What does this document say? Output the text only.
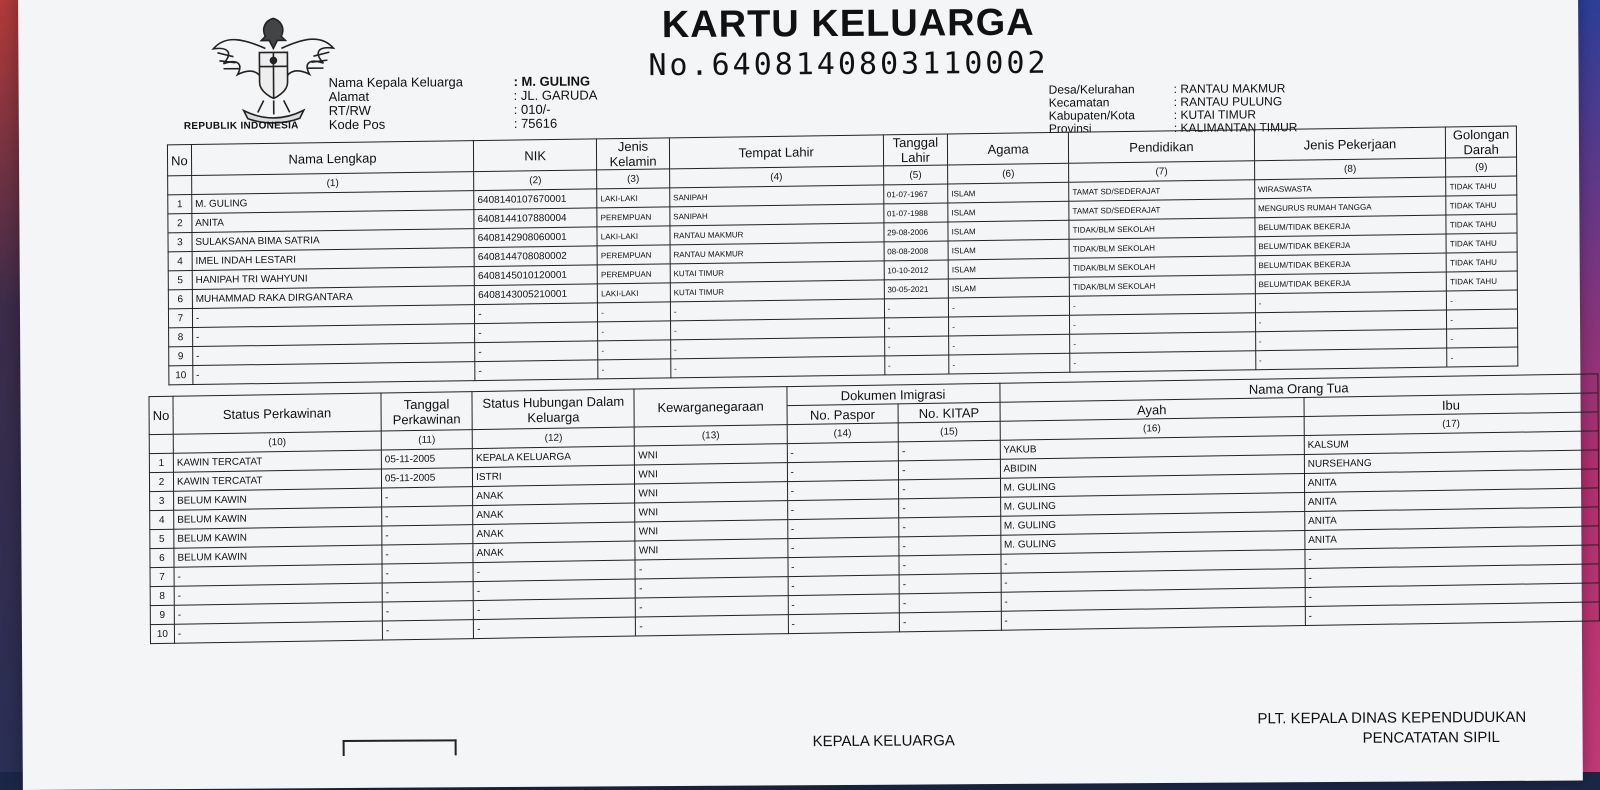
REPUBLIK INDONESIA
KARTU KELUARGA
No.6408140803110002
Nama Kepala Keluarga	: M. GULING
Alamat	: JL. GARUDA
RT/RW	: 010/-
Kode Pos	: 75616
Desa/Kelurahan	: RANTAU MAKMUR
Kecamatan	: RANTAU PULUNG
Kabupaten/Kota	: KUTAI TIMUR
Provinsi	: KALIMANTAN TIMUR
No	Nama Lengkap	NIK	Jenis Kelamin	Tempat Lahir	Tanggal Lahir	Agama	Pendidikan	Jenis Pekerjaan	Golongan Darah
	(1)	(2)	(3)	(4)	(5)	(6)	(7)	(8)	(9)
1	M. GULING	6408140107670001	LAKI-LAKI	SANIPAH	01-07-1967	ISLAM	TAMAT SD/SEDERAJAT	WIRASWASTA	TIDAK TAHU
2	ANITA	6408144107880004	PEREMPUAN	SANIPAH	01-07-1988	ISLAM	TAMAT SD/SEDERAJAT	MENGURUS RUMAH TANGGA	TIDAK TAHU
3	SULAKSANA BIMA SATRIA	6408142908060001	LAKI-LAKI	RANTAU MAKMUR	29-08-2006	ISLAM	TIDAK/BLM SEKOLAH	BELUM/TIDAK BEKERJA	TIDAK TAHU
4	IMEL INDAH LESTARI	6408144708080002	PEREMPUAN	RANTAU MAKMUR	08-08-2008	ISLAM	TIDAK/BLM SEKOLAH	BELUM/TIDAK BEKERJA	TIDAK TAHU
5	HANIPAH TRI WAHYUNI	6408145010120001	PEREMPUAN	KUTAI TIMUR	10-10-2012	ISLAM	TIDAK/BLM SEKOLAH	BELUM/TIDAK BEKERJA	TIDAK TAHU
6	MUHAMMAD RAKA DIRGANTARA	6408143005210001	LAKI-LAKI	KUTAI TIMUR	30-05-2021	ISLAM	TIDAK/BLM SEKOLAH	BELUM/TIDAK BEKERJA	TIDAK TAHU
7	-	-	-	-	-	-	-	-	-
8	-	-	-	-	-	-	-	-	-
9	-	-	-	-	-	-	-	-	-
10	-	-	-	-	-	-	-	-	-
No	Status Perkawinan	Tanggal Perkawinan	Status Hubungan Dalam Keluarga	Kewarganegaraan	Dokumen Imigrasi		Nama Orang Tua	
					No. Paspor	No. KITAP	Ayah	Ibu
	(10)	(11)	(12)	(13)	(14)	(15)	(16)	(17)
1	KAWIN TERCATAT	05-11-2005	KEPALA KELUARGA	WNI	-	-	YAKUB	KALSUM
2	KAWIN TERCATAT	05-11-2005	ISTRI	WNI	-	-	ABIDIN	NURSEHANG
3	BELUM KAWIN	-	ANAK	WNI	-	-	M. GULING	ANITA
4	BELUM KAWIN	-	ANAK	WNI	-	-	M. GULING	ANITA
5	BELUM KAWIN	-	ANAK	WNI	-	-	M. GULING	ANITA
6	BELUM KAWIN	-	ANAK	WNI	-	-	M. GULING	ANITA
7	-	-	-	-	-	-	-	-
8	-	-	-	-	-	-	-	-
9	-	-	-	-	-	-	-	-
10	-	-	-	-	-	-	-	-
KEPALA KELUARGA
PLT. KEPALA DINAS KEPENDUDUKAN
PENCATATAN SIPIL
